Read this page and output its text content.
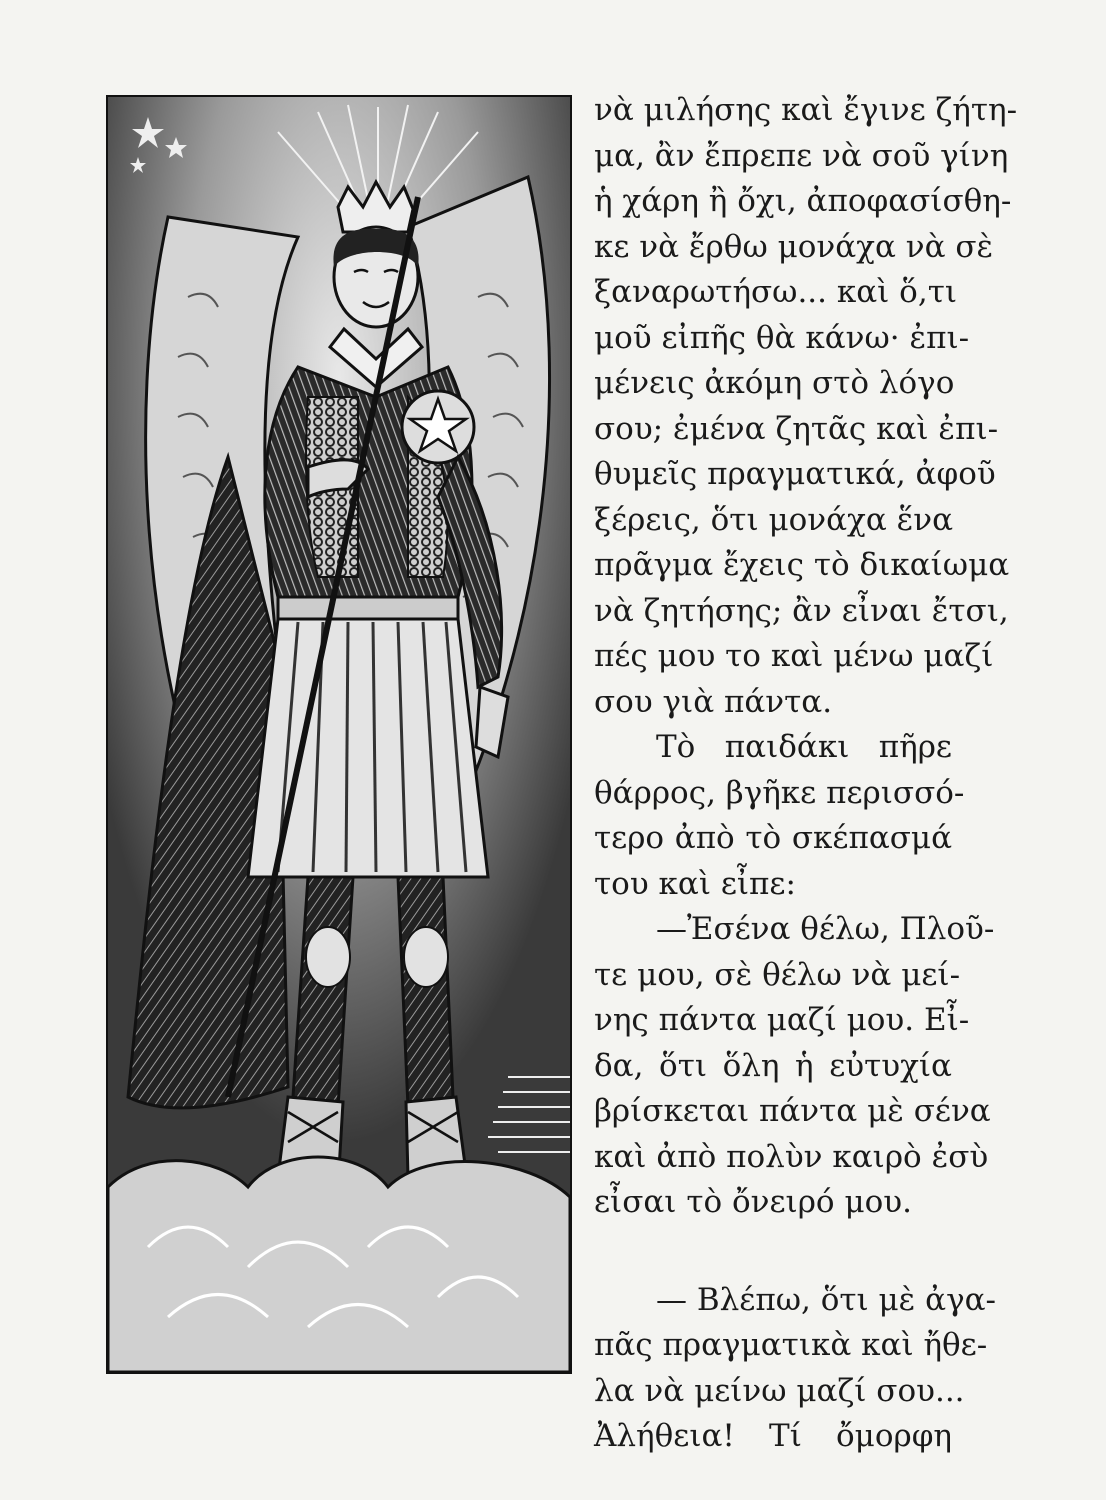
νὰ μιλήσης καὶ ἔγινε ζήτη-
μα, ἂν ἔπρεπε νὰ σοῦ γίνη
ἡ χάρη ἢ ὄχι, ἀποφασίσθη-
κε νὰ ἔρθω μονάχα νὰ σὲ
ξαναρωτήσω... καὶ ὅ,τι
μοῦ εἰπῆς θὰ κάνω· ἐπι-
μένεις ἀκόμη στὸ λόγο
σου; ἐμένα ζητᾶς καὶ ἐπι-
θυμεῖς πραγματικά, ἀφοῦ
ξέρεις, ὅτι μονάχα ἕνα
πρᾶγμα ἔχεις τὸ δικαίωμα
νὰ ζητήσης; ἂν εἶναι ἔτσι,
πές μου το καὶ μένω μαζί
σου γιὰ πάντα.
Τὸ παιδάκι πῆρε
θάρρος, βγῆκε περισσό-
τερο ἀπὸ τὸ σκέπασμά
του καὶ εἶπε:
—Ἐσένα θέλω, Πλοῦ-
τε μου, σὲ θέλω νὰ μεί-
νης πάντα μαζί μου. Εἶ-
δα, ὅτι ὅλη ἡ εὐτυχία
βρίσκεται πάντα μὲ σένα
καὶ ἀπὸ πολὺν καιρὸ ἐσὺ
εἶσαι τὸ ὄνειρό μου.
— Βλέπω, ὅτι μὲ ἀγα-
πᾶς πραγματικὰ καὶ ἤθε-
λα νὰ μείνω μαζί σου...
Ἀλήθεια! Τί ὄμορφη
